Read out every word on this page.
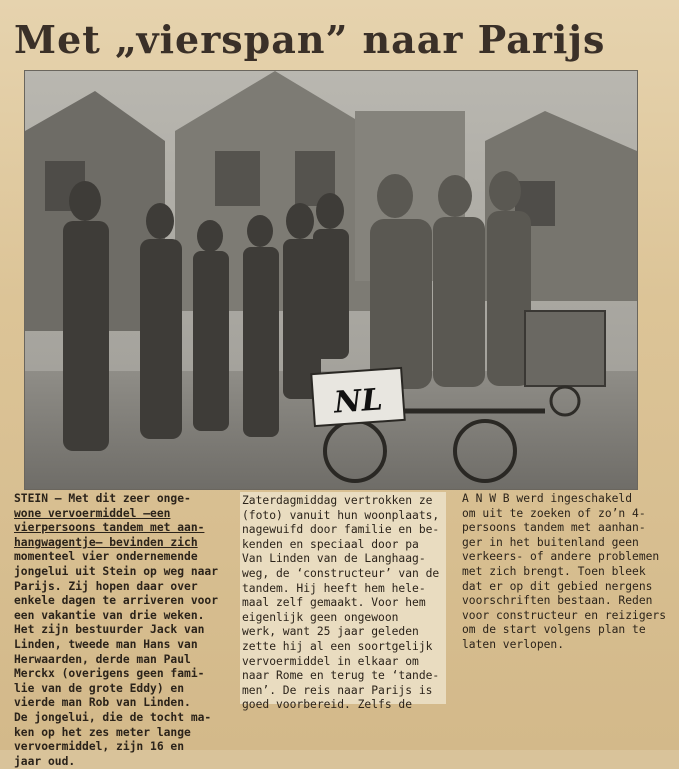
Met „vierspan” naar Parijs
NL

STEIN — Met dit zeer onge-
wone vervoermiddel —een
vierpersoons tandem met aan-
hangwagentje— bevinden zich
momenteel vier ondernemende
jongelui uit Stein op weg naar
Parijs. Zij hopen daar over
enkele dagen te arriveren voor
een vakantie van drie weken.
Het zijn bestuurder Jack van
Linden, tweede man Hans van
Herwaarden, derde man Paul
Merckx (overigens geen fami-
lie van de grote Eddy) en
vierde man Rob van Linden.
De jongelui, die de tocht ma-
ken op het zes meter lange
vervoermiddel, zijn 16 en
jaar oud.

Zaterdagmiddag vertrokken ze
(foto) vanuit hun woonplaats,
nagewuifd door familie en be-
kenden en speciaal door pa
Van Linden van de Langhaag-
weg, de ‘constructeur’ van de
tandem. Hij heeft hem hele-
maal zelf gemaakt. Voor hem
eigenlijk geen ongewoon
werk, want 25 jaar geleden
zette hij al een soortgelijk
vervoermiddel in elkaar om
naar Rome en terug te ‘tande-
men’. De reis naar Parijs is
goed voorbereid. Zelfs de

A N W B werd ingeschakeld
om uit te zoeken of zo’n 4-
persoons tandem met aanhan-
ger in het buitenland geen
verkeers- of andere problemen
met zich brengt. Toen bleek
dat er op dit gebied nergens
voorschriften bestaan. Reden
voor constructeur en reizigers
om de start volgens plan te
laten verlopen.
